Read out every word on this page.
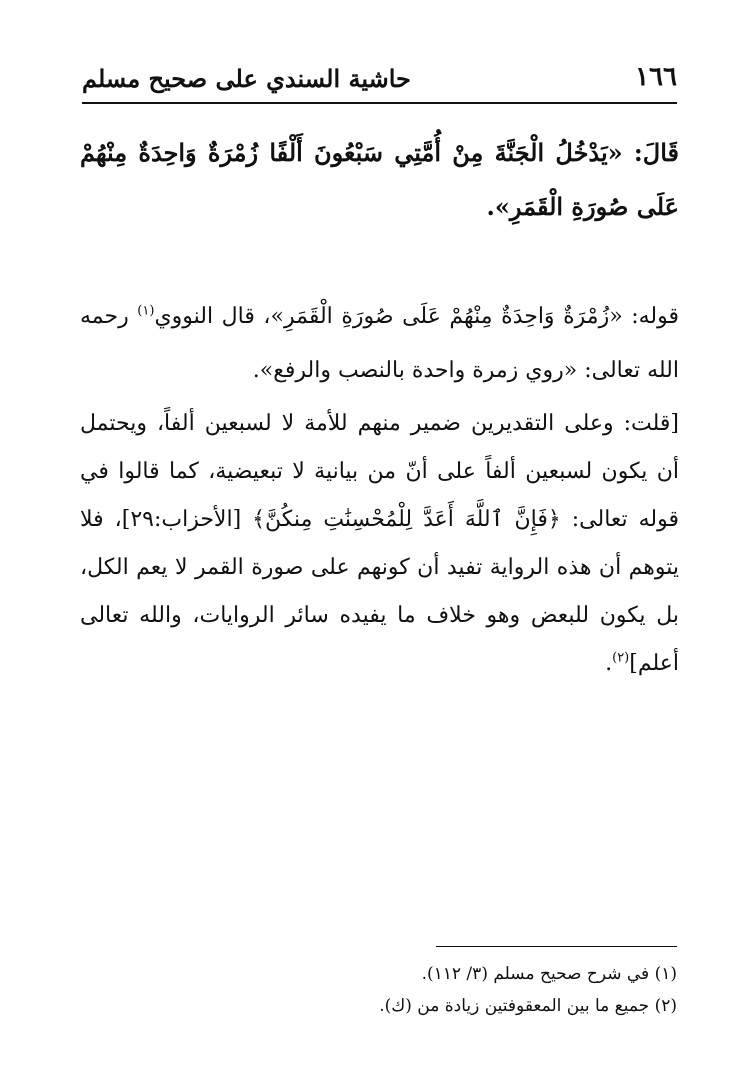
١٦٦
حاشية السندي على صحيح مسلم

قَالَ: «يَدْخُلُ الْجَنَّةَ مِنْ أُمَّتِي سَبْعُونَ أَلْفًا زُمْرَةٌ وَاحِدَةٌ مِنْهُمْ عَلَى صُورَةِ الْقَمَرِ».

قوله: «زُمْرَةٌ وَاحِدَةٌ مِنْهُمْ عَلَى صُورَةِ الْقَمَرِ»، قال النووي$^{(١)}$ رحمه الله تعالى: «روي زمرة واحدة بالنصب والرفع».

[قلت: وعلى التقديرين ضمير منهم للأمة لا لسبعين ألفاً، ويحتمل أن يكون لسبعين ألفاً على أنّ من بيانية لا تبعيضية، كما قالوا في قوله تعالى: ﴿فَإِنَّ ٱللَّهَ أَعَدَّ لِلْمُحْسِنَٰتِ مِنكُنَّ﴾ [الأحزاب:٢٩]، فلا يتوهم أن هذه الرواية تفيد أن كونهم على صورة القمر لا يعم الكل، بل يكون للبعض وهو خلاف ما يفيده سائر الروايات، والله تعالى أعلم]$^{(٢)}$.

(١) في شرح صحيح مسلم (٣/ ١١٢).

(٢) جميع ما بين المعقوفتين زيادة من (ك).
